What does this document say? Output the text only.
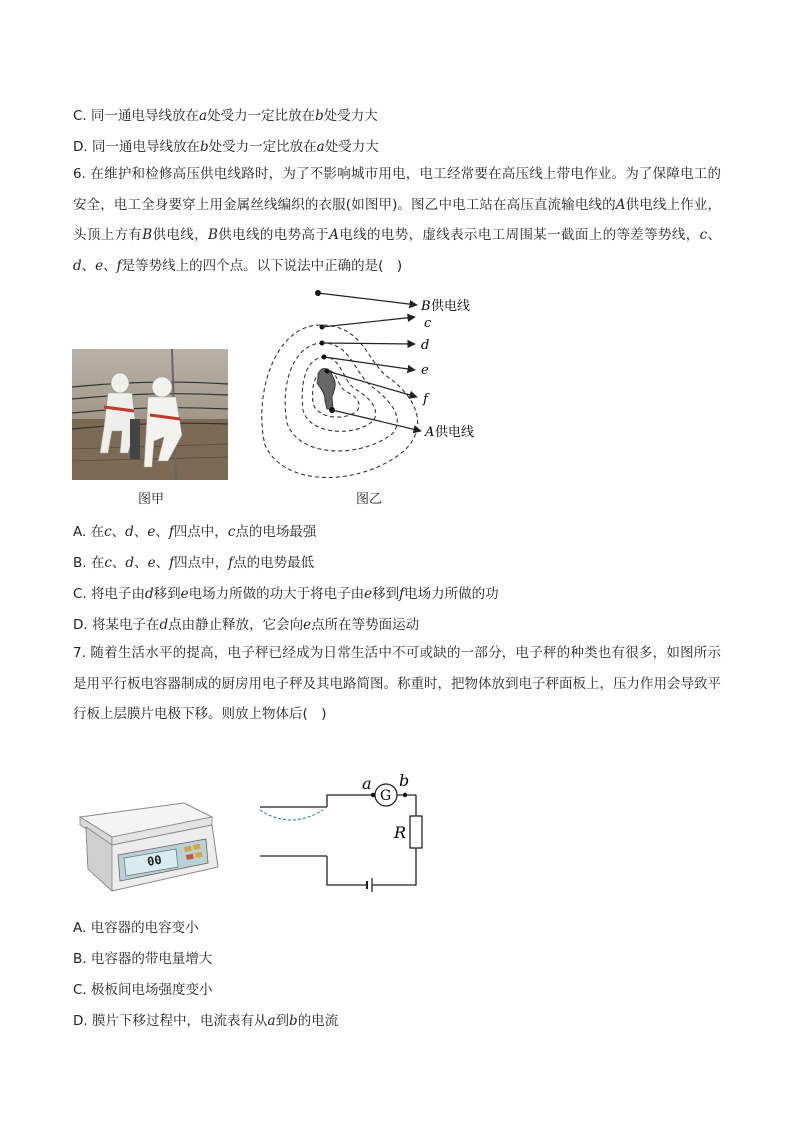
C. 同一通电导线放在a处受力一定比放在b处受力大
D. 同一通电导线放在b处受力一定比放在a处受力大
6. 在维护和检修高压供电线路时，为了不影响城市用电，电工经常要在高压线上带电作业。为了保障电工的安全，电工全身要穿上用金属丝线编织的衣服(如图甲)。图乙中电工站在高压直流输电线的A供电线上作业，头顶上方有B供电线，B供电线的电势高于A电线的电势，虚线表示电工周围某一截面上的等差等势线，c、d、e、f是等势线上的四个点。以下说法中正确的是(　)
图甲
B 供电线
c
d
e
f
A 供电线
图乙
A. 在c、d、e、f四点中，c点的电场最强
B. 在c、d、e、f四点中，f点的电势最低
C. 将电子由d移到e电场力所做的功大于将电子由e移到f电场力所做的功
D. 将某电子在d点由静止释放，它会向e点所在等势面运动
7. 随着生活水平的提高，电子秤已经成为日常生活中不可或缺的一部分，电子秤的种类也有很多，如图所示是用平行板电容器制成的厨房用电子秤及其电路简图。称重时，把物体放到电子秤面板上，压力作用会导致平行板上层膜片电极下移。则放上物体后(　)
00
G
a b
R
A. 电容器的电容变小
B. 电容器的带电量增大
C. 极板间电场强度变小
D. 膜片下移过程中，电流表有从a到b的电流
